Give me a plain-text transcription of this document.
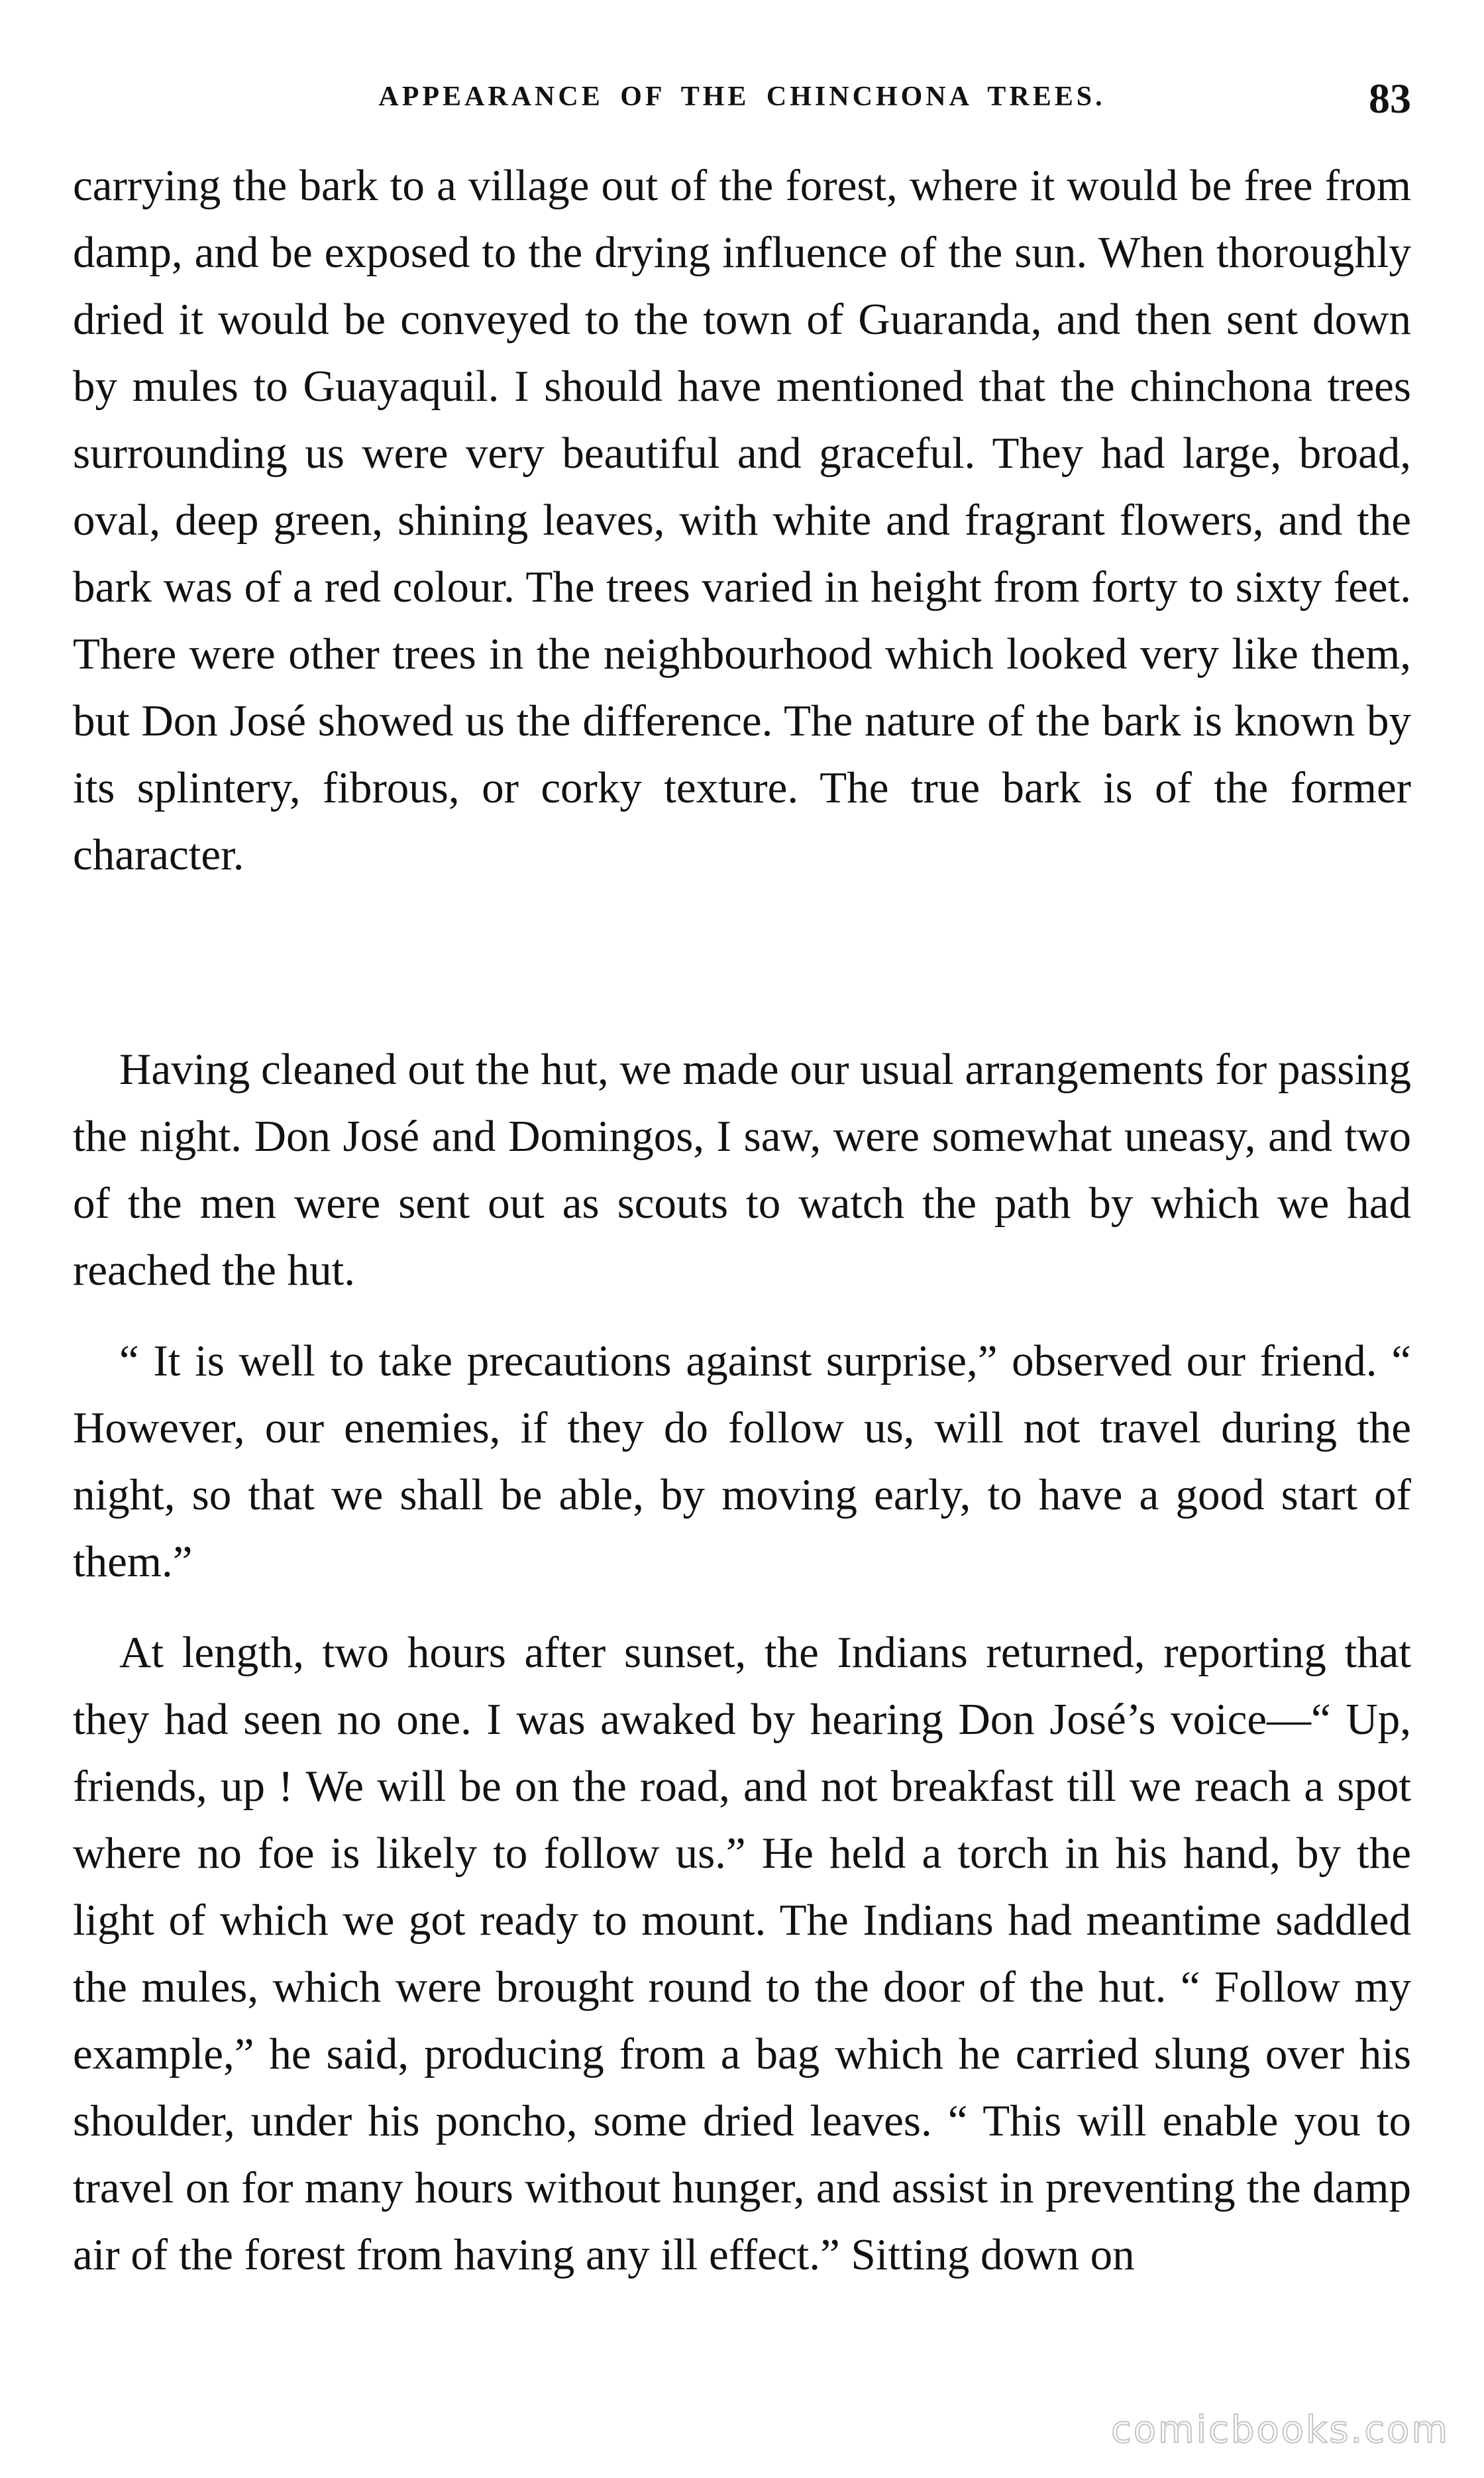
APPEARANCE OF THE CHINCHONA TREES.	83

carrying the bark to a village out of the forest, where it would be free from damp, and be exposed to the drying influence of the sun. When thoroughly dried it would be conveyed to the town of Guaranda, and then sent down by mules to Guayaquil. I should have mentioned that the chinchona trees surrounding us were very beautiful and graceful. They had large, broad, oval, deep green, shining leaves, with white and fragrant flowers, and the bark was of a red colour. The trees varied in height from forty to sixty feet. There were other trees in the neighbourhood which looked very like them, but Don José showed us the difference. The nature of the bark is known by its splintery, fibrous, or corky texture. The true bark is of the former character.

Having cleaned out the hut, we made our usual arrangements for passing the night. Don José and Domingos, I saw, were somewhat uneasy, and two of the men were sent out as scouts to watch the path by which we had reached the hut.

“ It is well to take precautions against surprise,” observed our friend. “ However, our enemies, if they do follow us, will not travel during the night, so that we shall be able, by moving early, to have a good start of them.”

At length, two hours after sunset, the Indians returned, reporting that they had seen no one. I was awaked by hearing Don José’s voice—“ Up, friends, up ! We will be on the road, and not breakfast till we reach a spot where no foe is likely to follow us.” He held a torch in his hand, by the light of which we got ready to mount. The Indians had meantime saddled the mules, which were brought round to the door of the hut. “ Follow my example,” he said, producing from a bag which he carried slung over his shoulder, under his poncho, some dried leaves. “ This will enable you to travel on for many hours without hunger, and assist in preventing the damp air of the forest from having any ill effect.” Sitting down on

comicbooks.com
